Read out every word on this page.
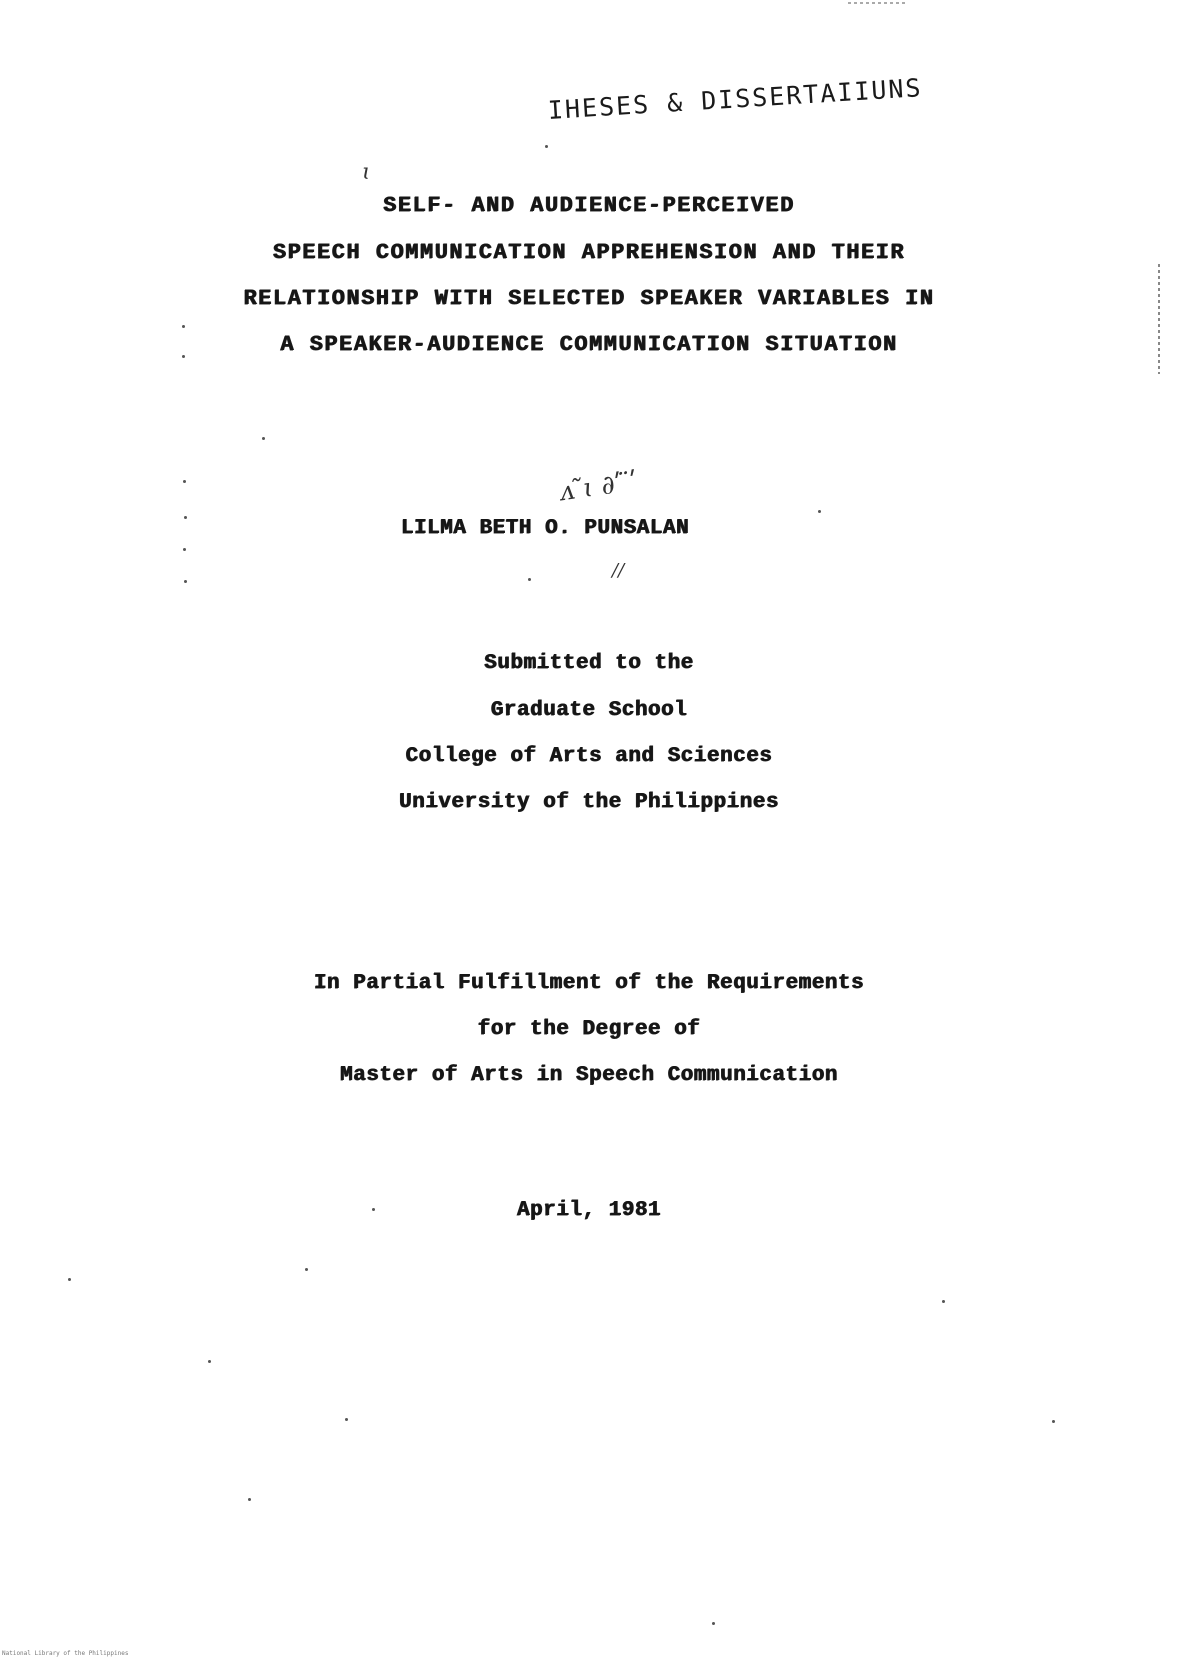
IHESES & DISSERTAIIUNS
SELF- AND AUDIENCE-PERCEIVED
SPEECH COMMUNICATION APPREHENSION AND THEIR
RELATIONSHIP WITH SELECTED SPEAKER VARIABLES IN
A SPEAKER-AUDIENCE COMMUNICATION SITUATION
ɩ
LILMA BETH O. PUNSALAN
ᴧ ̃ɩ ∂ʹ ̈ʹ
//
Submitted to the
Graduate School
College of Arts and Sciences
University of the Philippines
In Partial Fulfillment of the Requirements
for the Degree of
Master of Arts in Speech Communication
April, 1981
National Library of the Philippines
